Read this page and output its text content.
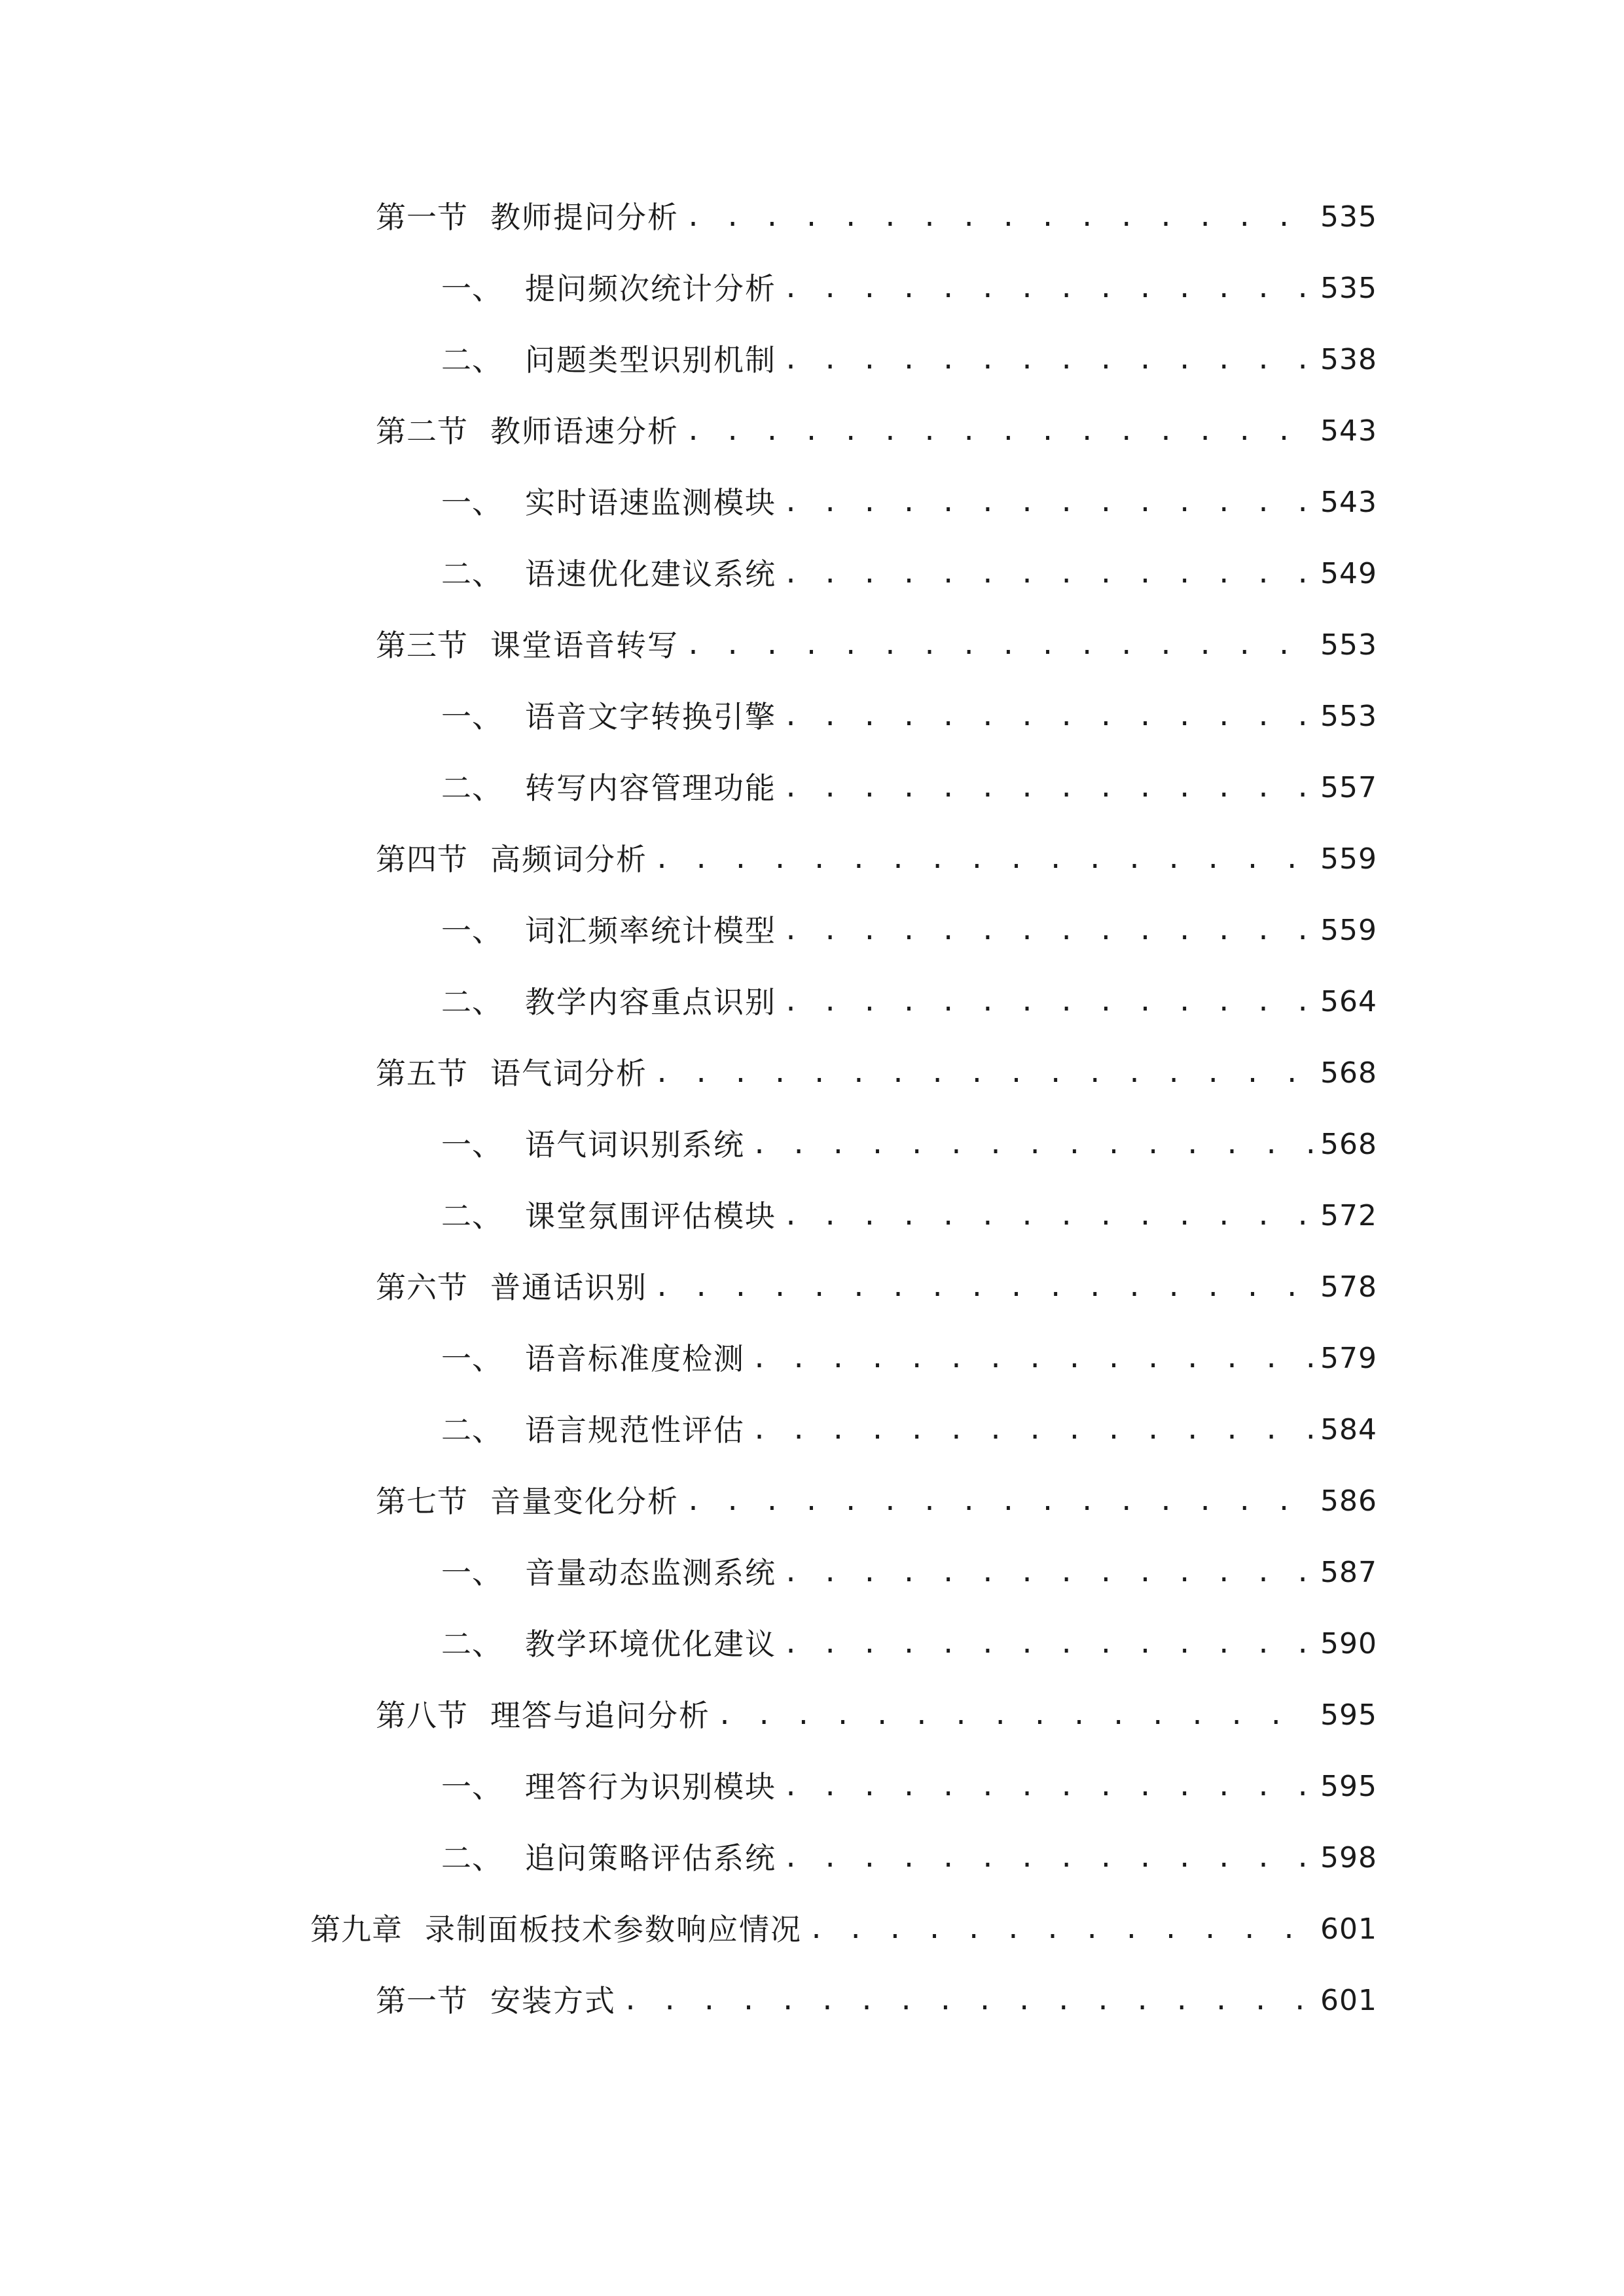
第一节 教师提问分析 . . .	535
一、 提问频次统计分析 . . .	535
二、 问题类型识别机制 . . .	538
第二节 教师语速分析 . . .	543
一、 实时语速监测模块 . . .	543
二、 语速优化建议系统 . . .	549
第三节 课堂语音转写 . . .	553
一、 语音文字转换引擎 . . .	553
二、 转写内容管理功能 . . .	557
第四节 高频词分析 . . .	559
一、 词汇频率统计模型 . . .	559
二、 教学内容重点识别 . . .	564
第五节 语气词分析 . . .	568
一、 语气词识别系统 . . .	568
二、 课堂氛围评估模块 . . .	572
第六节 普通话识别 . . .	578
一、 语音标准度检测 . . .	579
二、 语言规范性评估 . . .	584
第七节 音量变化分析 . . .	586
一、 音量动态监测系统 . . .	587
二、 教学环境优化建议 . . .	590
第八节 理答与追问分析 . . .	595
一、 理答行为识别模块 . . .	595
二、 追问策略评估系统 . . .	598
第九章 录制面板技术参数响应情况 . . .	601
第一节 安装方式 . . .	601
